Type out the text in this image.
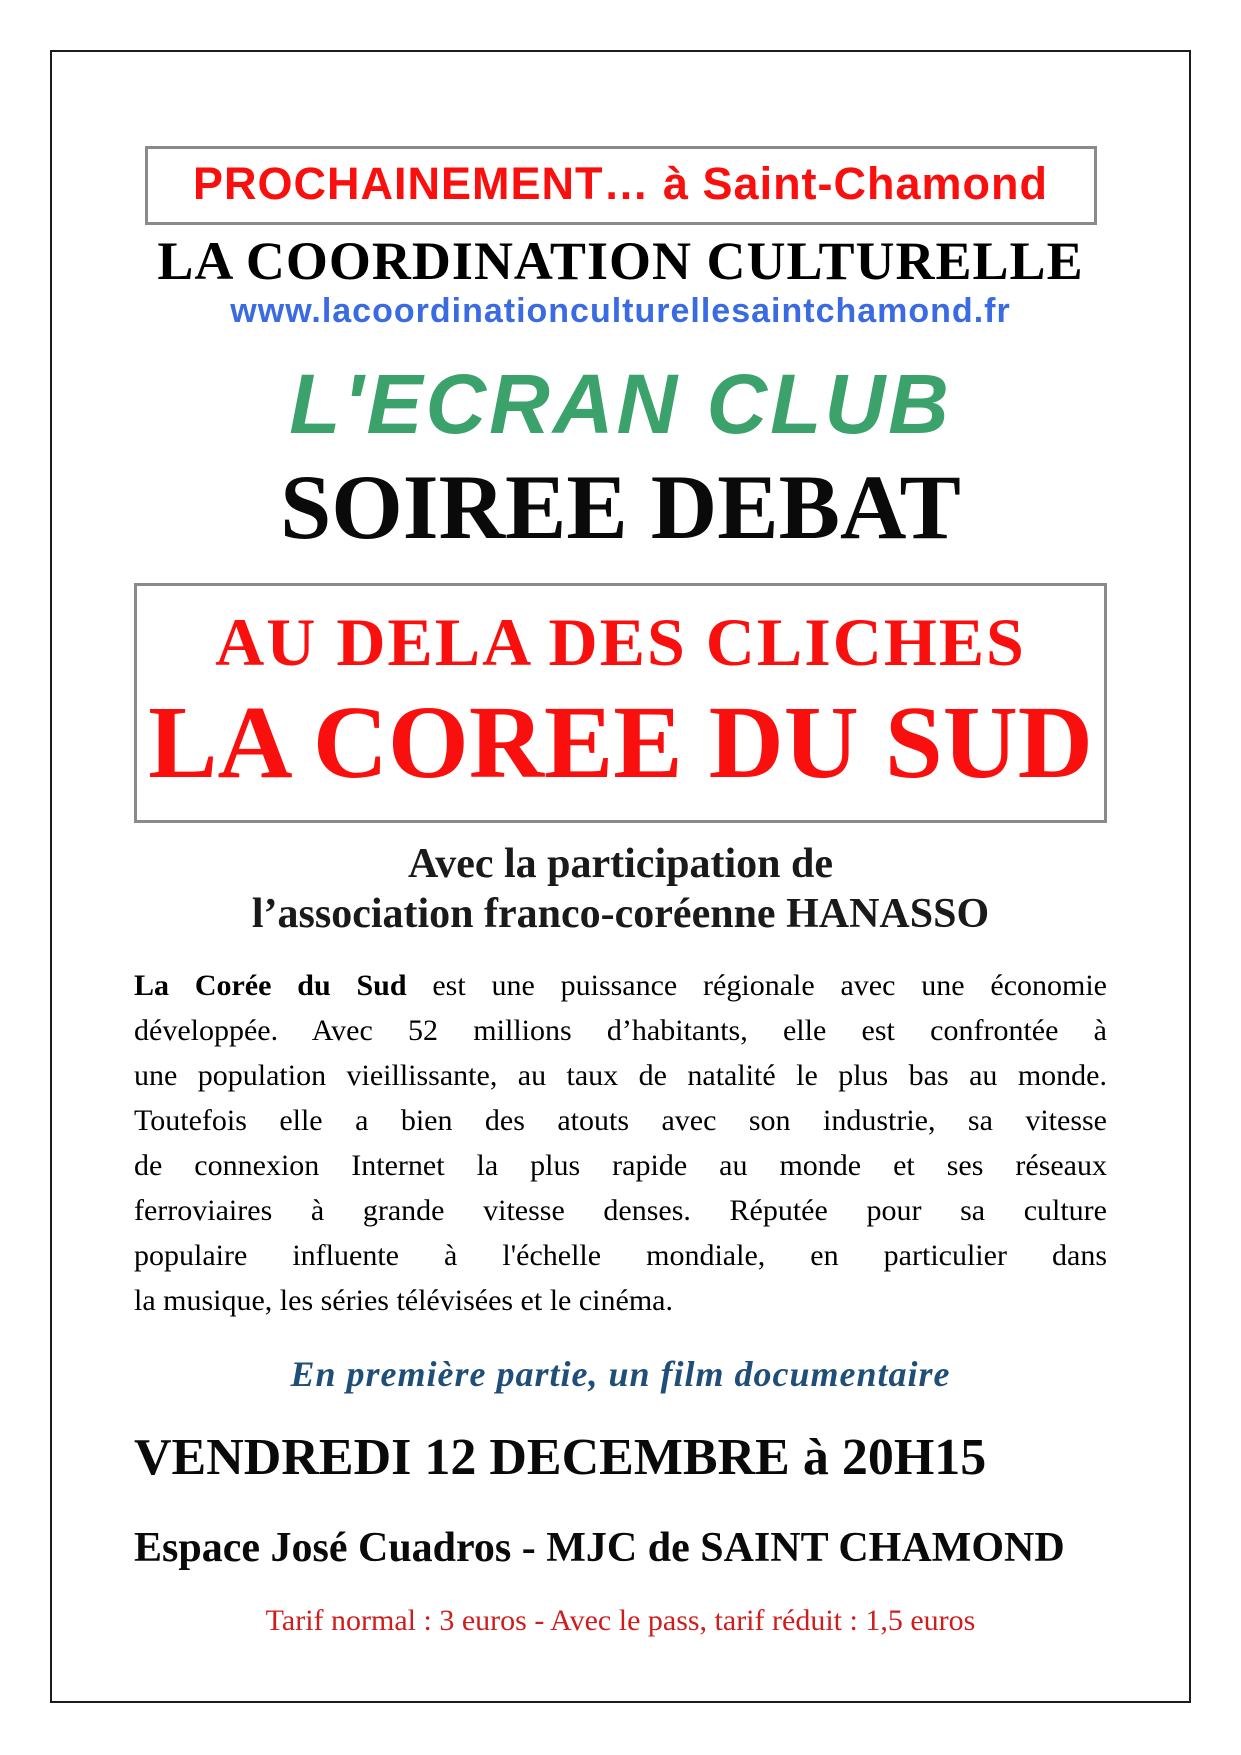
PROCHAINEMENT… à Saint-Chamond
LA COORDINATION CULTURELLE
www.lacoordinationculturellesaintchamond.fr
L'ECRAN CLUB
SOIREE DEBAT
AU DELA DES CLICHES
LA COREE DU SUD
Avec la participation de
l’association franco-coréenne HANASSO
La Corée du Sud est une puissance régionale avec une économie
développée. Avec 52 millions d’habitants, elle est confrontée à
une population vieillissante, au taux de natalité le plus bas au monde.
Toutefois elle a bien des atouts avec son industrie, sa vitesse
de connexion Internet la plus rapide au monde et ses réseaux
ferroviaires à grande vitesse denses. Réputée pour sa culture
populaire influente à l'échelle mondiale, en particulier dans
la musique, les séries télévisées et le cinéma.
En première partie, un film documentaire
VENDREDI 12 DECEMBRE à 20H15
Espace José Cuadros - MJC de SAINT CHAMOND
Tarif normal : 3 euros - Avec le pass, tarif réduit : 1,5 euros
